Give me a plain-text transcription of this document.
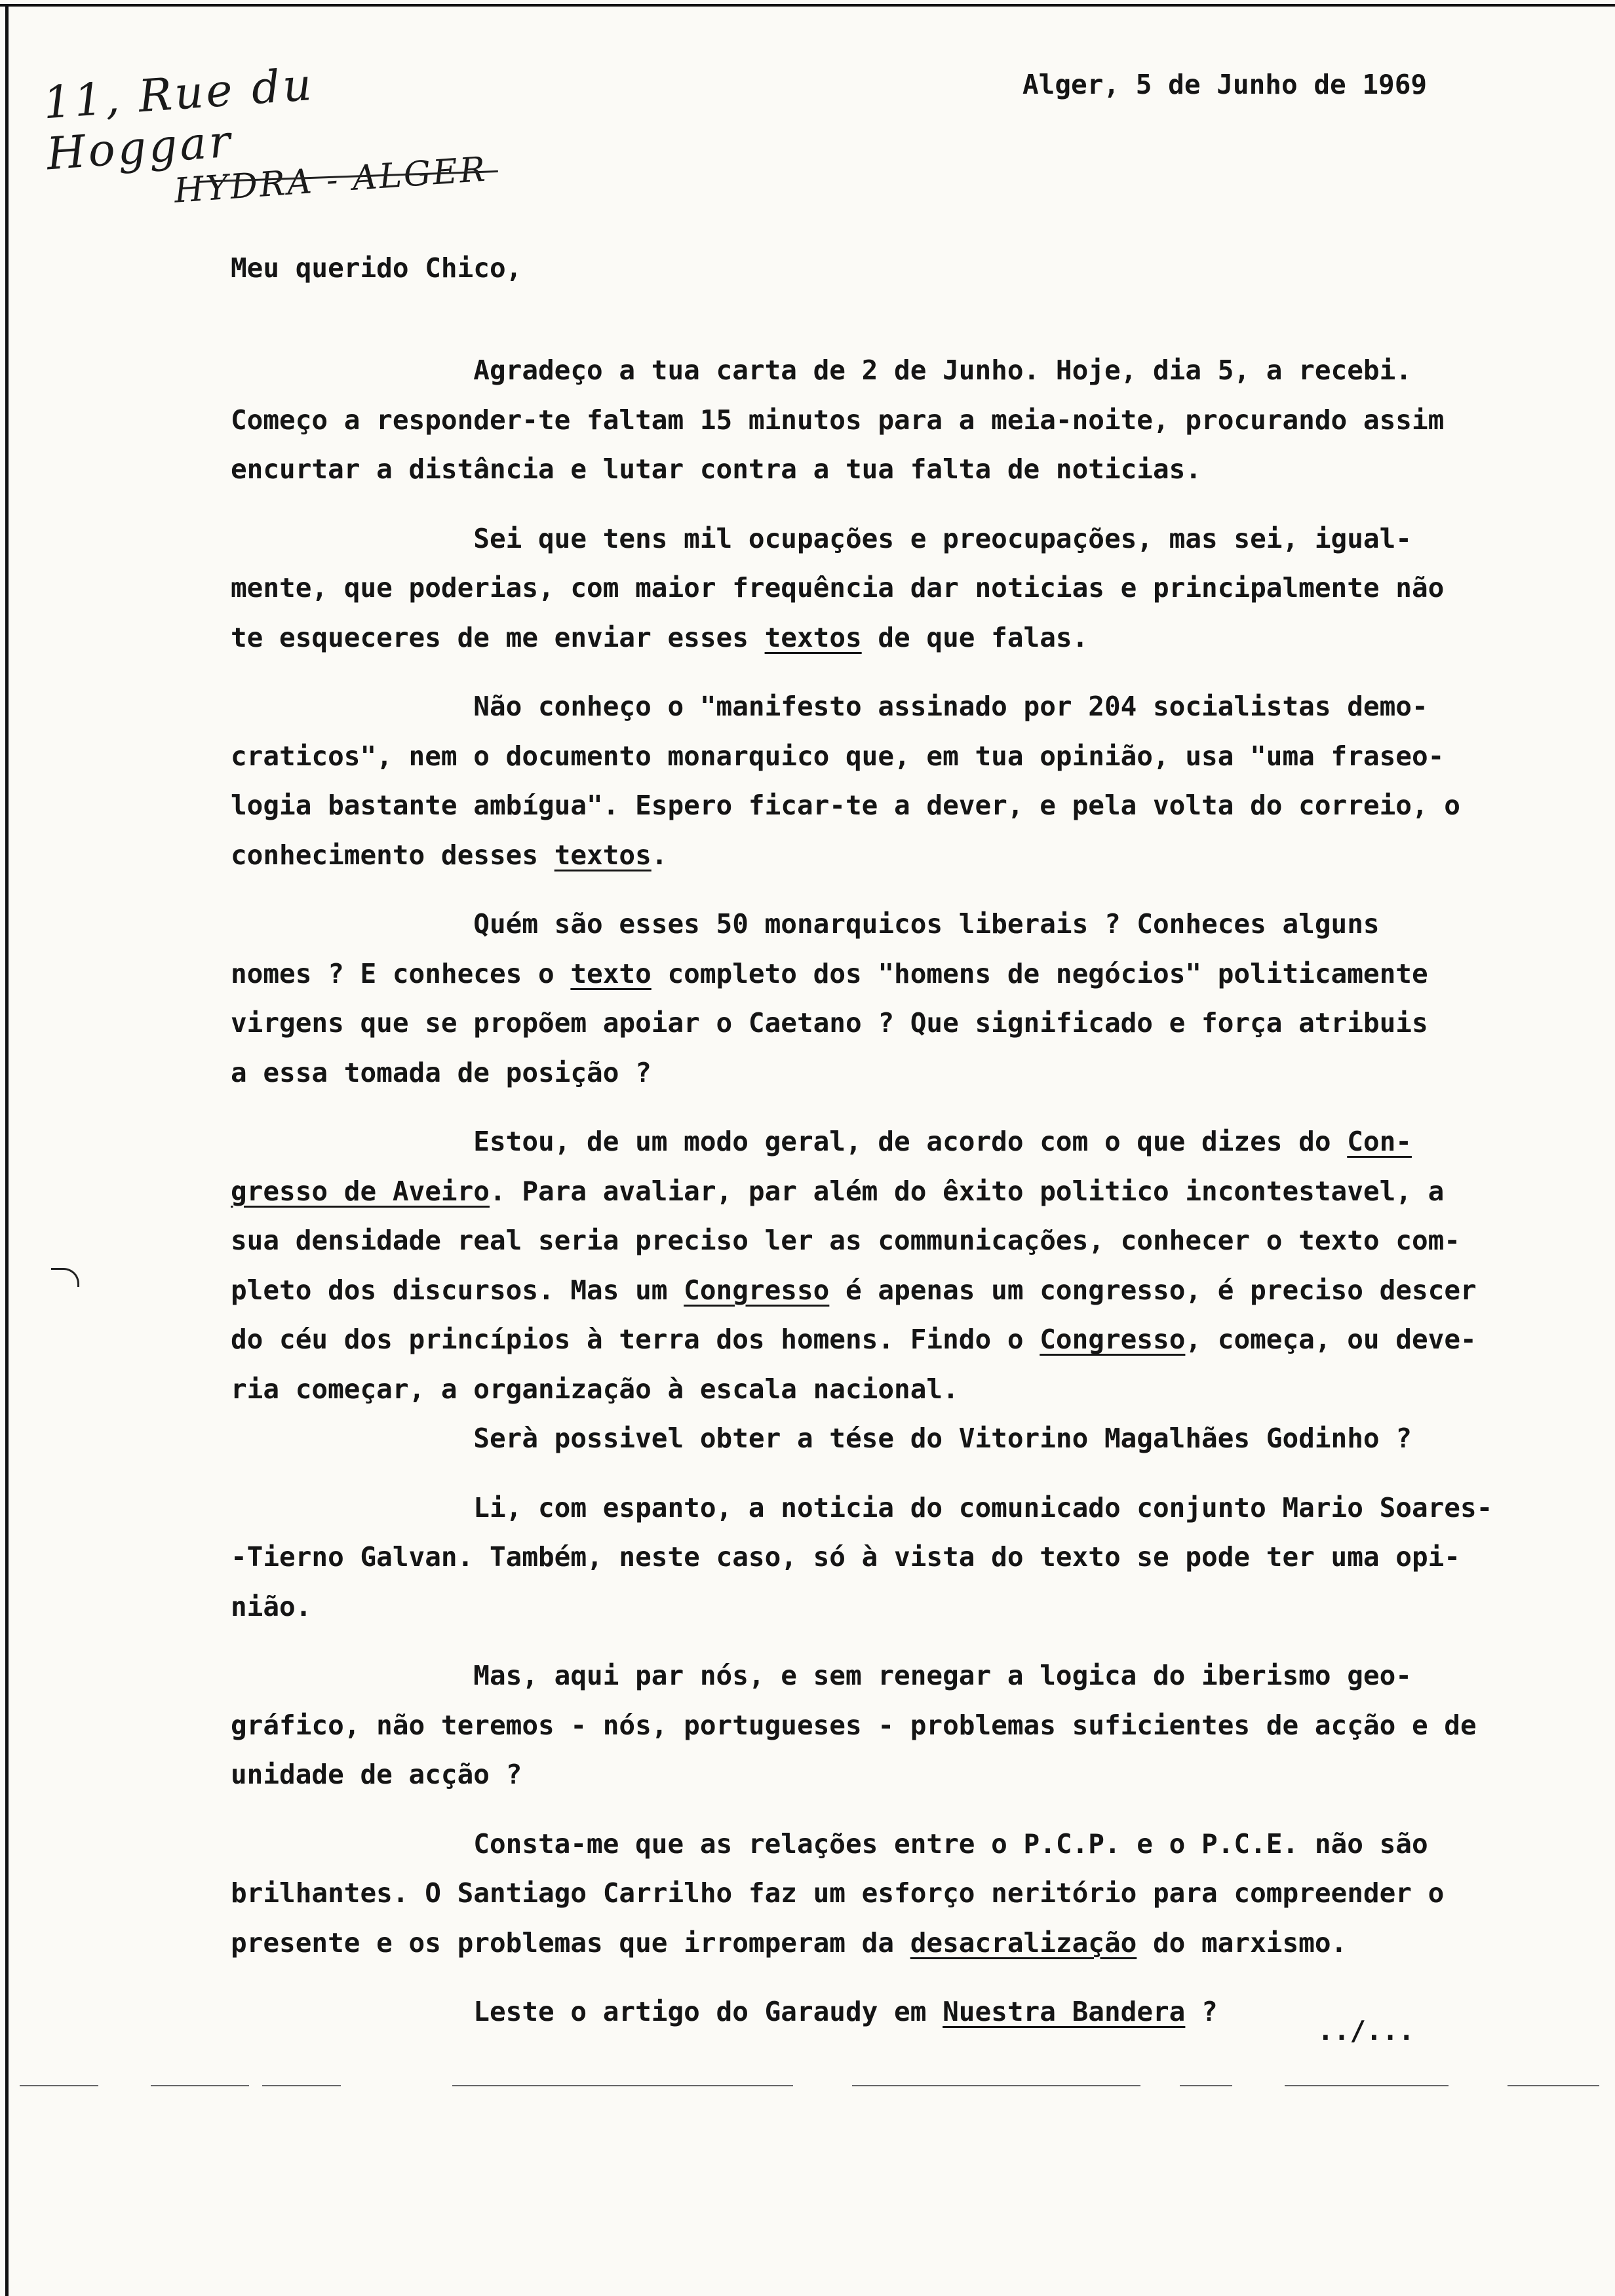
11, Rue du Hoggar
HYDRA - ALGER

Alger, 5 de Junho de 1969

Meu querido Chico,

Agradeço a tua carta de 2 de Junho. Hoje, dia 5, a recebi.
Começo a responder-te faltam 15 minutos para a meia-noite, procurando assim
encurtar a distância e lutar contra a tua falta de noticias.
Sei que tens mil ocupações e preocupações, mas sei, igual-
mente, que poderias, com maior frequência dar noticias e principalmente não
te esqueceres de me enviar esses textos de que falas.
Não conheço o "manifesto assinado por 204 socialistas demo-
craticos", nem o documento monarquico que, em tua opinião, usa "uma fraseo-
logia bastante ambígua". Espero ficar-te a dever, e pela volta do correio, o
conhecimento desses textos.
Quém são esses 50 monarquicos liberais ? Conheces alguns
nomes ? E conheces o texto completo dos "homens de negócios" politicamente
virgens que se propõem apoiar o Caetano ? Que significado e força atribuis
a essa tomada de posição ?
Estou, de um modo geral, de acordo com o que dizes do Con-
gresso de Aveiro. Para avaliar, par além do êxito politico incontestavel, a
sua densidade real seria preciso ler as communicações, conhecer o texto com-
pleto dos discursos. Mas um Congresso é apenas um congresso, é preciso descer
do céu dos princípios à terra dos homens. Findo o Congresso, começa, ou deve-
ria começar, a organização à escala nacional.
Serà possivel obter a tése do Vitorino Magalhães Godinho ?
Li, com espanto, a noticia do comunicado conjunto Mario Soares-
-Tierno Galvan. Também, neste caso, só à vista do texto se pode ter uma opi-
nião.
Mas, aqui par nós, e sem renegar a logica do iberismo geo-
gráfico, não teremos - nós, portugueses - problemas suficientes de acção e de
unidade de acção ?
Consta-me que as relações entre o P.C.P. e o P.C.E. não são
brilhantes. O Santiago Carrilho faz um esforço neritório para compreender o
presente e os problemas que irromperam da desacralização do marxismo.
Leste o artigo do Garaudy em Nuestra Bandera ?

../...
